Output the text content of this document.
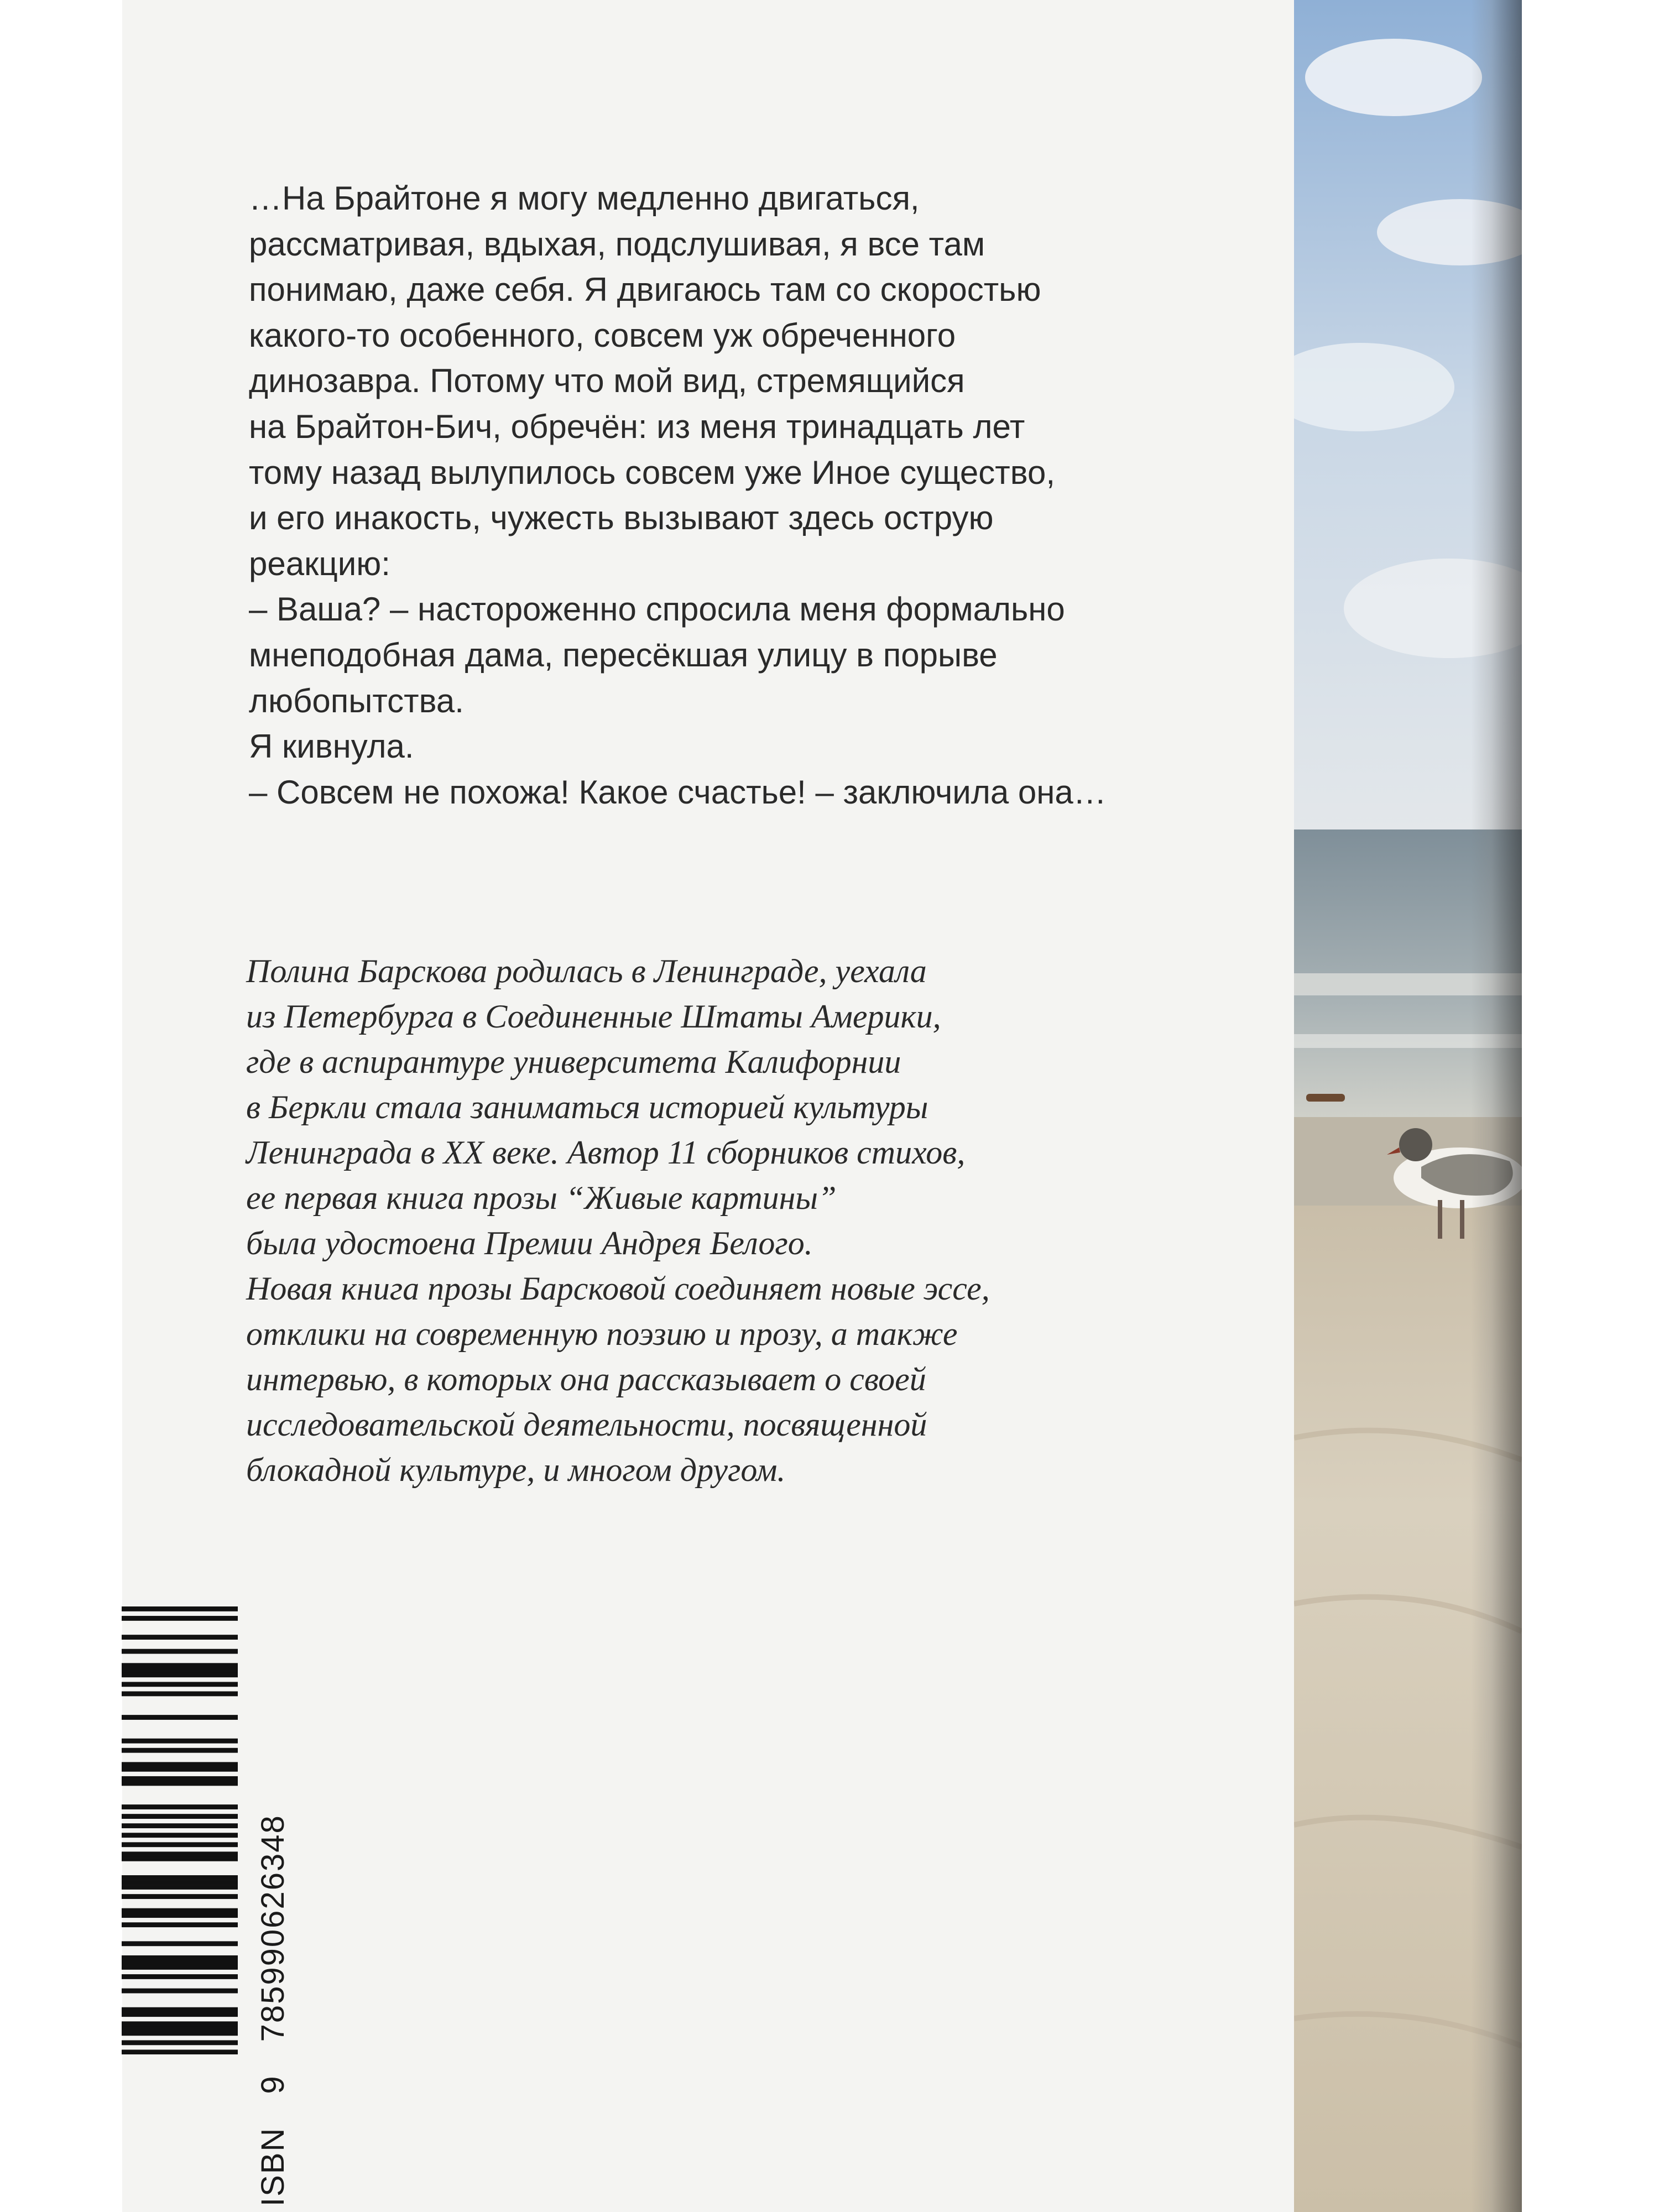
…На Брайтоне я могу медленно двигаться,
рассматривая, вдыхая, подслушивая, я все там
понимаю, даже себя. Я двигаюсь там со скоростью
какого-то особенного, совсем уж обреченного
динозавра. Потому что мой вид, стремящийся
на Брайтон-Бич, обречён: из меня тринадцать лет
тому назад вылупилось совсем уже Иное существо,
и его инакость, чужесть вызывают здесь острую
реакцию:
– Ваша? – настороженно спросила меня формально
мнеподобная дама, пересёкшая улицу в порыве
любопытства.
Я кивнула.
– Совсем не похожа! Какое счастье! – заключила она…
Полина Барскова родилась в Ленинграде, уехала
из Петербурга в Соединенные Штаты Америки,
где в аспирантуре университета Калифорнии
в Беркли стала заниматься историей культуры
Ленинграда в XX веке. Автор 11 сборников стихов,
ее первая книга прозы “Живые картины”
была удостоена Премии Андрея Белого.
Новая книга прозы Барсковой соединяет новые эссе,
отклики на современную поэзию и прозу, а также
интервью, в которых она рассказывает о своей
исследовательской деятельности, посвященной
блокадной культуре, и многом другом.
ISBN9785990626348
